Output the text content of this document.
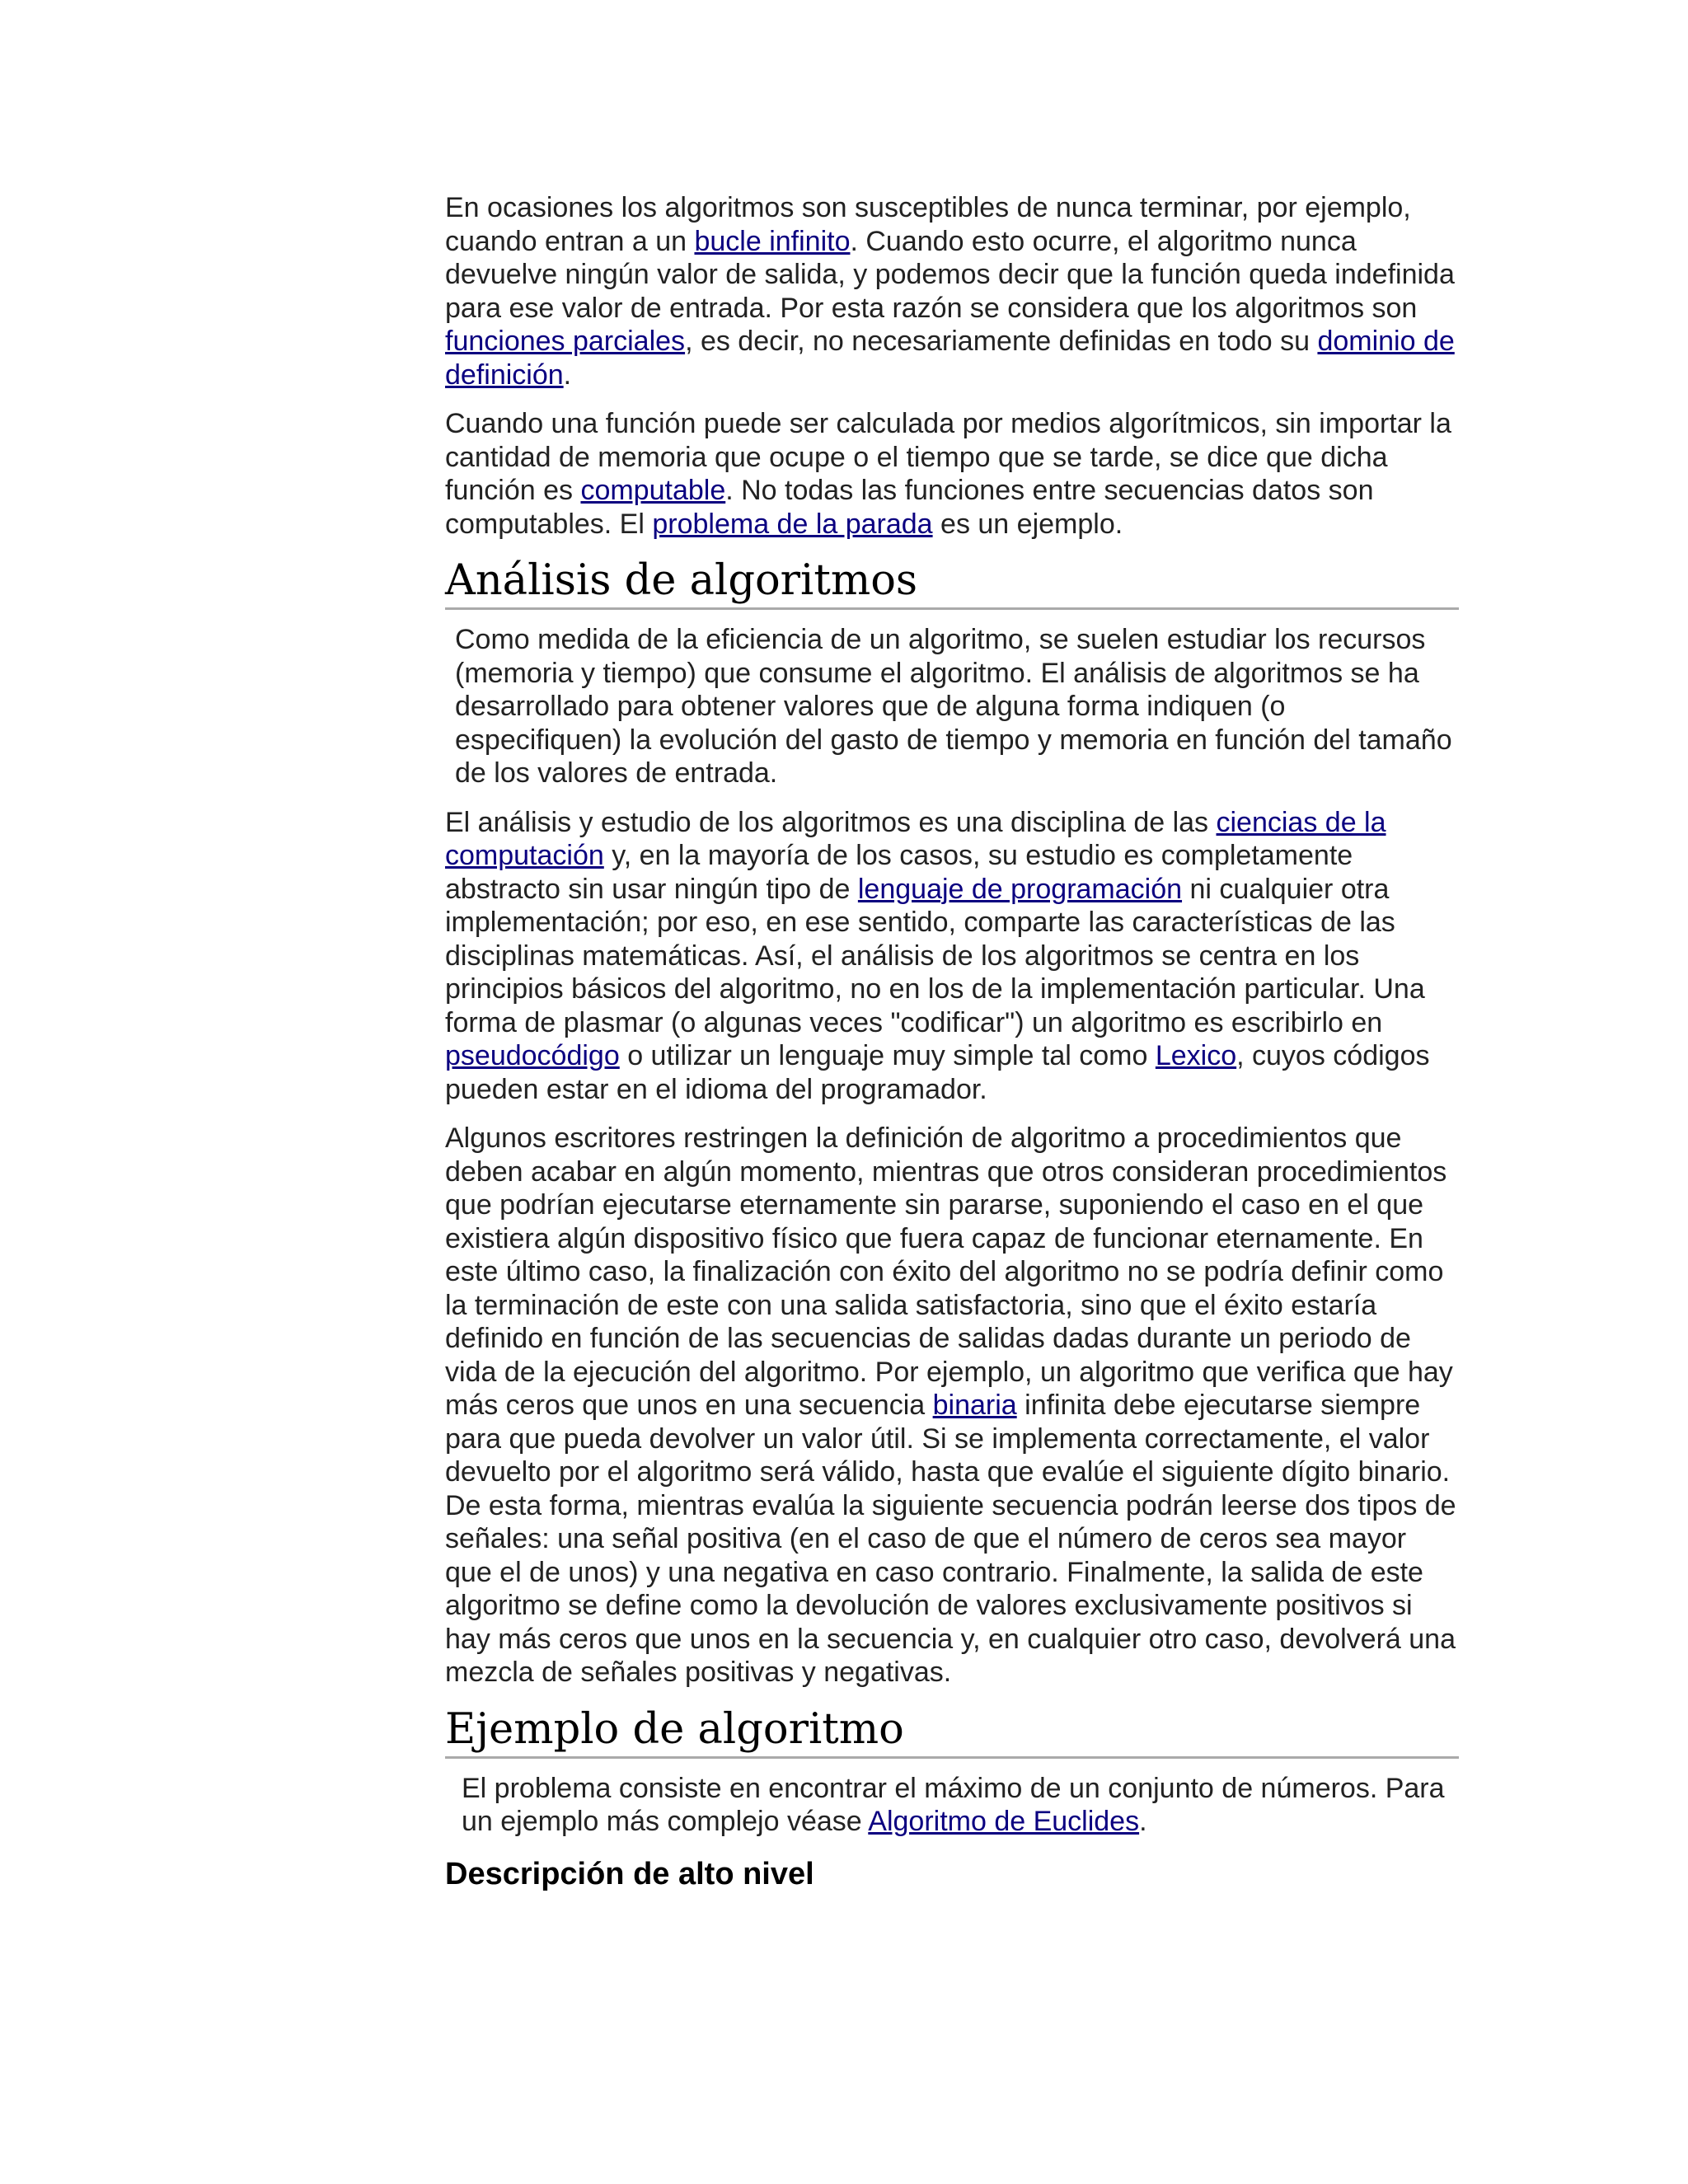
En ocasiones los algoritmos son susceptibles de nunca terminar, por ejemplo, cuando entran a un bucle infinito. Cuando esto ocurre, el algoritmo nunca devuelve ningún valor de salida, y podemos decir que la función queda indefinida para ese valor de entrada. Por esta razón se considera que los algoritmos son funciones parciales, es decir, no necesariamente definidas en todo su dominio de definición.

Cuando una función puede ser calculada por medios algorítmicos, sin importar la cantidad de memoria que ocupe o el tiempo que se tarde, se dice que dicha función es computable. No todas las funciones entre secuencias datos son computables. El problema de la parada es un ejemplo.

Análisis de algoritmos

Como medida de la eficiencia de un algoritmo, se suelen estudiar los recursos (memoria y tiempo) que consume el algoritmo. El análisis de algoritmos se ha desarrollado para obtener valores que de alguna forma indiquen (o especifiquen) la evolución del gasto de tiempo y memoria en función del tamaño de los valores de entrada.

El análisis y estudio de los algoritmos es una disciplina de las ciencias de la computación y, en la mayoría de los casos, su estudio es completamente abstracto sin usar ningún tipo de lenguaje de programación ni cualquier otra implementación; por eso, en ese sentido, comparte las características de las disciplinas matemáticas. Así, el análisis de los algoritmos se centra en los principios básicos del algoritmo, no en los de la implementación particular. Una forma de plasmar (o algunas veces "codificar") un algoritmo es escribirlo en pseudocódigo o utilizar un lenguaje muy simple tal como Lexico, cuyos códigos pueden estar en el idioma del programador.

Algunos escritores restringen la definición de algoritmo a procedimientos que deben acabar en algún momento, mientras que otros consideran procedimientos que podrían ejecutarse eternamente sin pararse, suponiendo el caso en el que existiera algún dispositivo físico que fuera capaz de funcionar eternamente. En este último caso, la finalización con éxito del algoritmo no se podría definir como la terminación de este con una salida satisfactoria, sino que el éxito estaría definido en función de las secuencias de salidas dadas durante un periodo de vida de la ejecución del algoritmo. Por ejemplo, un algoritmo que verifica que hay más ceros que unos en una secuencia binaria infinita debe ejecutarse siempre para que pueda devolver un valor útil. Si se implementa correctamente, el valor devuelto por el algoritmo será válido, hasta que evalúe el siguiente dígito binario. De esta forma, mientras evalúa la siguiente secuencia podrán leerse dos tipos de señales: una señal positiva (en el caso de que el número de ceros sea mayor que el de unos) y una negativa en caso contrario. Finalmente, la salida de este algoritmo se define como la devolución de valores exclusivamente positivos si hay más ceros que unos en la secuencia y, en cualquier otro caso, devolverá una mezcla de señales positivas y negativas.

Ejemplo de algoritmo

El problema consiste en encontrar el máximo de un conjunto de números. Para un ejemplo más complejo véase Algoritmo de Euclides.

Descripción de alto nivel
